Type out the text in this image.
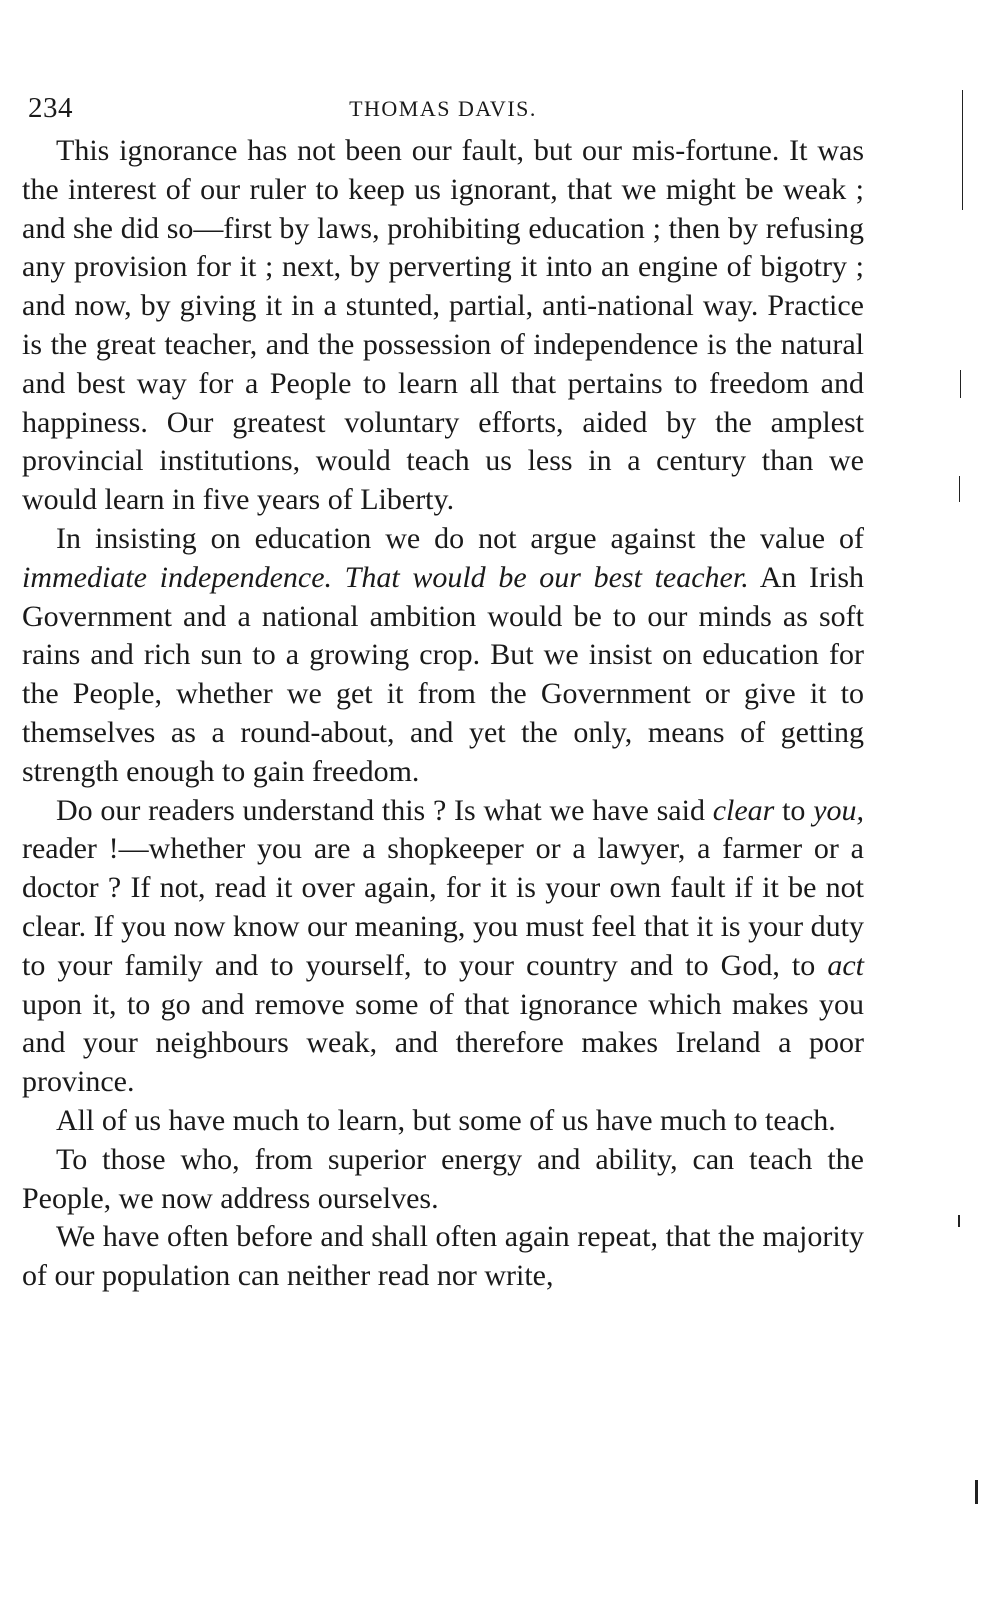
234	THOMAS DAVIS.

This ignorance has not been our fault, but our mis-fortune. It was the interest of our ruler to keep us ignorant, that we might be weak ; and she did so—first by laws, prohibiting education ; then by refusing any provision for it ; next, by perverting it into an engine of bigotry ; and now, by giving it in a stunted, partial, anti-national way. Practice is the great teacher, and the possession of independence is the natural and best way for a People to learn all that pertains to freedom and happiness. Our greatest voluntary efforts, aided by the amplest provincial institutions, would teach us less in a century than we would learn in five years of Liberty.

In insisting on education we do not argue against the value of immediate independence. That would be our best teacher. An Irish Government and a national ambition would be to our minds as soft rains and rich sun to a growing crop. But we insist on education for the People, whether we get it from the Government or give it to themselves as a round-about, and yet the only, means of getting strength enough to gain freedom.

Do our readers understand this ? Is what we have said clear to you, reader !—whether you are a shopkeeper or a lawyer, a farmer or a doctor ? If not, read it over again, for it is your own fault if it be not clear. If you now know our meaning, you must feel that it is your duty to your family and to yourself, to your country and to God, to act upon it, to go and remove some of that ignorance which makes you and your neighbours weak, and therefore makes Ireland a poor province.

All of us have much to learn, but some of us have much to teach.

To those who, from superior energy and ability, can teach the People, we now address ourselves.

We have often before and shall often again repeat, that the majority of our population can neither read nor write,
